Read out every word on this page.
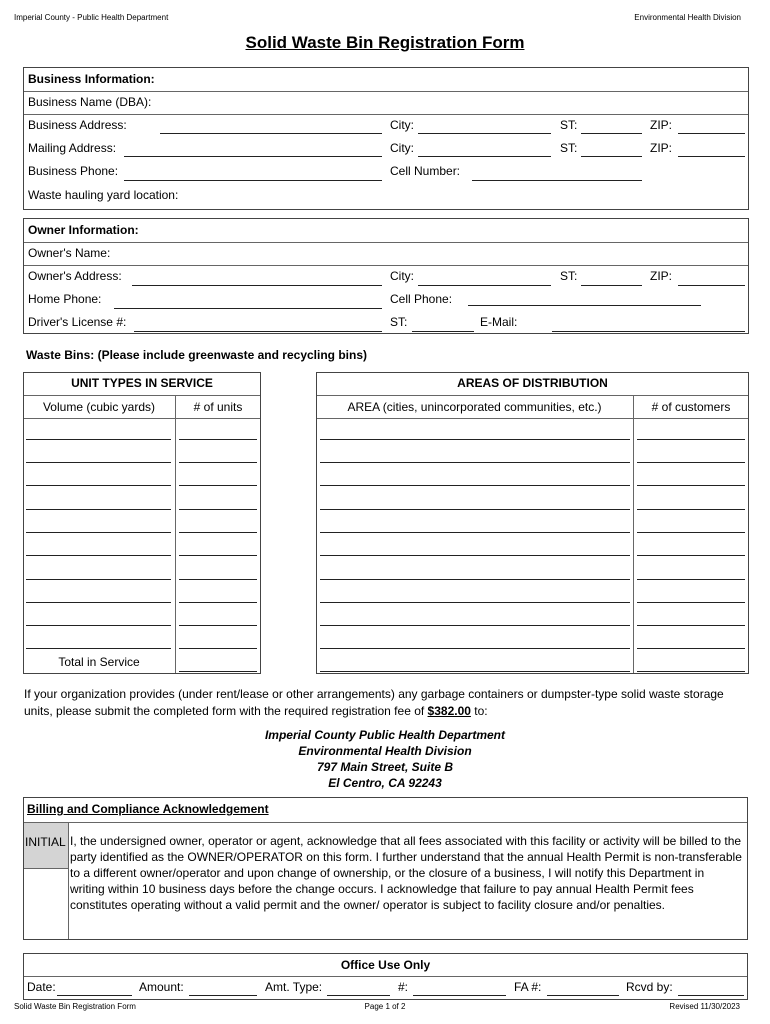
Imperial County - Public Health Department	Environmental Health Division
Solid Waste Bin Registration Form
Business Information:
Business Name (DBA):
Business Address:	City:	ST:	ZIP:
Mailing Address:	City:	ST:	ZIP:
Business Phone:	Cell Number:
Waste hauling yard location:
Owner Information:
Owner's Name:
Owner's Address:	City:	ST:	ZIP:
Home Phone:	Cell Phone:
Driver's License #:	ST:	E-Mail:
Waste Bins: (Please include greenwaste and recycling bins)
UNIT TYPES IN SERVICE
Volume (cubic yards)	# of units
Total in Service
AREAS OF DISTRIBUTION
AREA (cities, unincorporated communities, etc.)	# of customers
If your organization provides (under rent/lease or other arrangements) any garbage containers or dumpster-type solid waste storage units, please submit the completed form with the required registration fee of $382.00 to:
Imperial County Public Health Department
Environmental Health Division
797 Main Street, Suite B
El Centro, CA 92243
Billing and Compliance Acknowledgement
INITIAL I, the undersigned owner, operator or agent, acknowledge that all fees associated with this facility or activity will be billed to the party identified as the OWNER/OPERATOR on this form. I further understand that the annual Health Permit is non-transferable to a different owner/operator and upon change of ownership, or the closure of a business, I will notify this Department in writing within 10 business days before the change occurs. I acknowledge that failure to pay annual Health Permit fees constitutes operating without a valid permit and the owner/ operator is subject to facility closure and/or penalties.
Office Use Only
Date:	Amount:	Amt. Type:	#:	FA #:	Rcvd by:
Solid Waste Bin Registration Form	Page 1 of 2	Revised 11/30/2023
